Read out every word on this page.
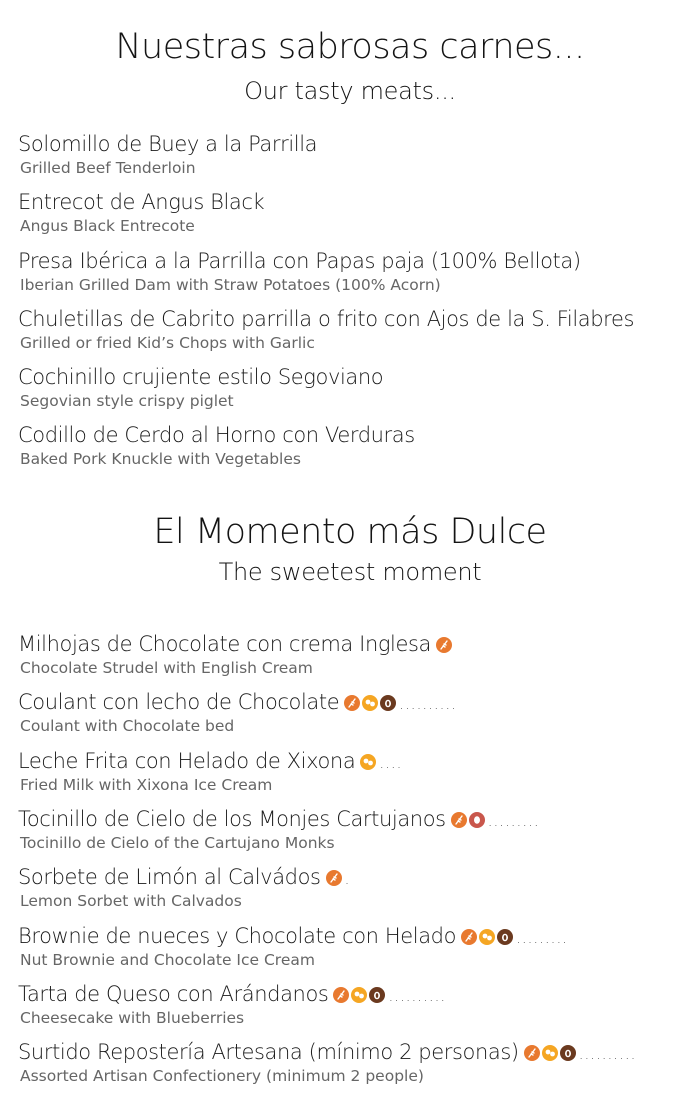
Nuestras sabrosas carnes...
Our tasty meats...
Solomillo de Buey a la Parrilla
Grilled Beef Tenderloin
Entrecot de Angus Black
Angus Black Entrecote
Presa Ibérica a la Parrilla con Papas paja (100% Bellota)
Iberian Grilled Dam with Straw Potatoes (100% Acorn)
Chuletillas de Cabrito parrilla o frito con Ajos de la S. Filabres
Grilled or fried Kid’s Chops with Garlic
Cochinillo crujiente estilo Segoviano
Segovian style crispy piglet
Codillo de Cerdo al Horno con Verduras
Baked Pork Knuckle with Vegetables
El Momento más Dulce
The sweetest moment
Milhojas de Chocolate con crema Inglesa
Chocolate Strudel with English Cream
Coulant con lecho de Chocolate	..........
Coulant with Chocolate bed
Leche Frita con Helado de Xixona ....
Fried Milk with Xixona Ice Cream
Tocinillo de Cielo de los Monjes Cartujanos	.........
Tocinillo de Cielo of the Cartujano Monks
Sorbete de Limón al Calvádos .
Lemon Sorbet with Calvados
Brownie de nueces y Chocolate con Helado	.........
Nut Brownie and Chocolate Ice Cream
Tarta de Queso con Arándanos	..........
Cheesecake with Blueberries
Surtido Repostería Artesana (mínimo 2 personas)	..........
Assorted Artisan Confectionery (minimum 2 people)
